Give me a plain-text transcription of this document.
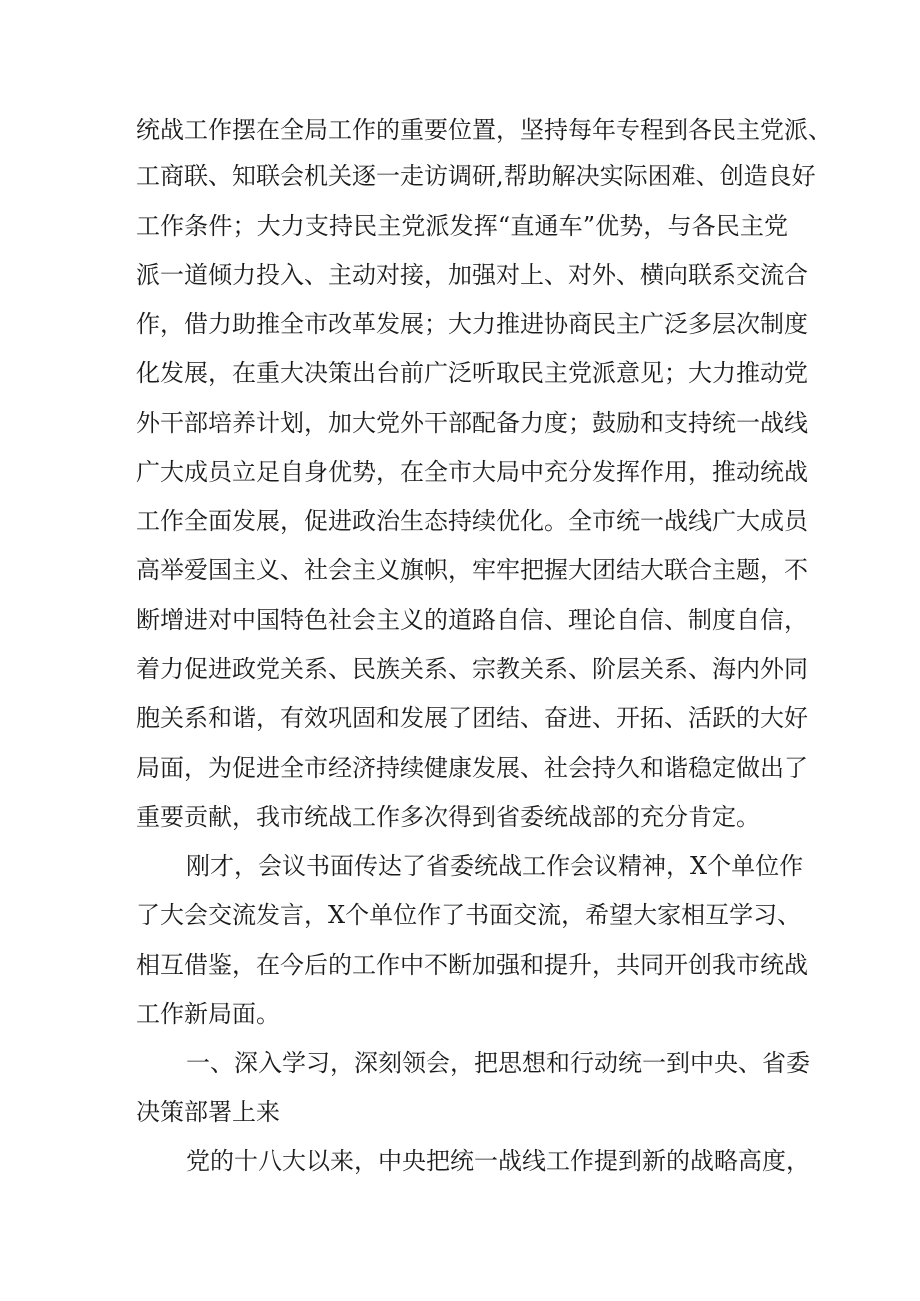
统战工作摆在全局工作的重要位置，坚持每年专程到各民主党派、
工商联、知联会机关逐一走访调研,帮助解决实际困难、创造良好
工作条件；大力支持民主党派发挥“直通车”优势，与各民主党
派一道倾力投入、主动对接，加强对上、对外、横向联系交流合
作，借力助推全市改革发展；大力推进协商民主广泛多层次制度
化发展，在重大决策出台前广泛听取民主党派意见；大力推动党
外干部培养计划，加大党外干部配备力度；鼓励和支持统一战线
广大成员立足自身优势，在全市大局中充分发挥作用，推动统战
工作全面发展，促进政治生态持续优化。全市统一战线广大成员
高举爱国主义、社会主义旗帜，牢牢把握大团结大联合主题，不
断增进对中国特色社会主义的道路自信、理论自信、制度自信，
着力促进政党关系、民族关系、宗教关系、阶层关系、海内外同
胞关系和谐，有效巩固和发展了团结、奋进、开拓、活跃的大好
局面，为促进全市经济持续健康发展、社会持久和谐稳定做出了
重要贡献，我市统战工作多次得到省委统战部的充分肯定。
刚才，会议书面传达了省委统战工作会议精神，X个单位作
了大会交流发言，X个单位作了书面交流，希望大家相互学习、
相互借鉴，在今后的工作中不断加强和提升，共同开创我市统战
工作新局面。
一、深入学习，深刻领会，把思想和行动统一到中央、省委
决策部署上来
党的十八大以来，中央把统一战线工作提到新的战略高度，
